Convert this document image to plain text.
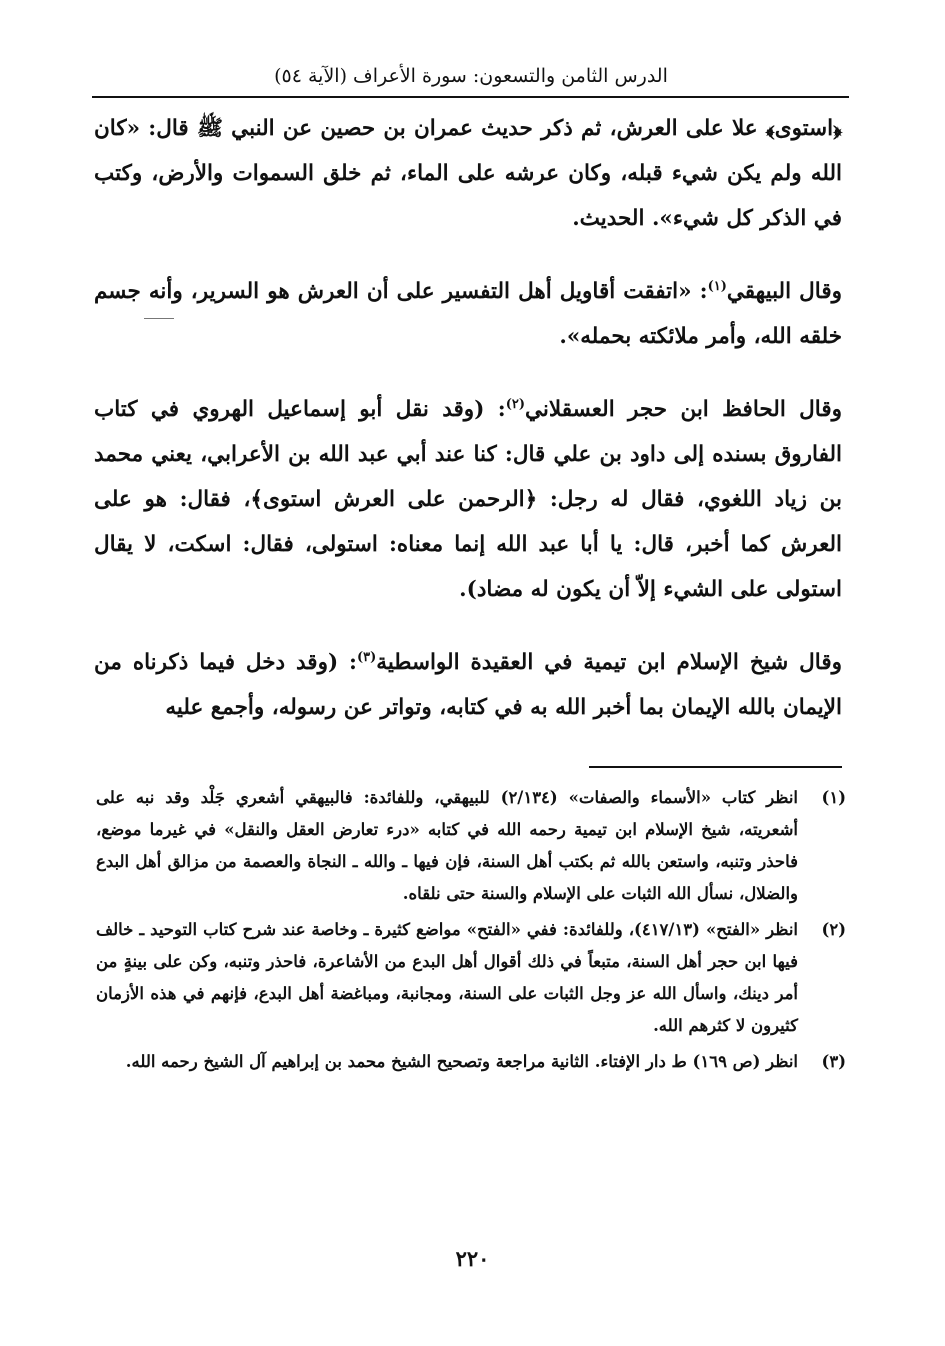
الدرس الثامن والتسعون: سورة الأعراف (الآية ٥٤)

﴿استوى﴾ علا على العرش، ثم ذكر حديث عمران بن حصين عن النبي ﷺ قال: «كان الله ولم يكن شيء قبله، وكان عرشه على الماء، ثم خلق السموات والأرض، وكتب في الذكر كل شيء». الحديث.

وقال البيهقي$^{(١)}$: «اتفقت أقاويل أهل التفسير على أن العرش هو السرير، وأنه جسم خلقه الله، وأمر ملائكته بحمله».

وقال الحافظ ابن حجر العسقلاني$^{(٢)}$: (وقد نقل أبو إسماعيل الهروي في كتاب الفاروق بسنده إلى داود بن علي قال: كنا عند أبي عبد الله بن الأعرابي، يعني محمد بن زياد اللغوي، فقال له رجل: ﴿الرحمن على العرش استوى﴾، فقال: هو على العرش كما أخبر، قال: يا أبا عبد الله إنما معناه: استولى، فقال: اسكت، لا يقال استولى على الشيء إلاّ أن يكون له مضاد).

وقال شيخ الإسلام ابن تيمية في العقيدة الواسطية$^{(٣)}$: (وقد دخل فيما ذكرناه من الإيمان بالله الإيمان بما أخبر الله به في كتابه، وتواتر عن رسوله، وأجمع عليه

(١)
انظر كتاب «الأسماء والصفات» (٢/١٣٤) للبيهقي، وللفائدة: فالبيهقي أشعري جَلْد وقد نبه على أشعريته، شيخ الإسلام ابن تيمية رحمه الله في كتابه «درء تعارض العقل والنقل» في غيرما موضع، فاحذر وتنبه، واستعن بالله ثم بكتب أهل السنة، فإن فيها ـ والله ـ النجاة والعصمة من مزالق أهل البدع والضلال، نسأل الله الثبات على الإسلام والسنة حتى نلقاه.
(٢)
انظر «الفتح» (٤١٧/١٣)، وللفائدة: ففي «الفتح» مواضع كثيرة ـ وخاصة عند شرح كتاب التوحيد ـ خالف فيها ابن حجر أهل السنة، متبعاً في ذلك أقوال أهل البدع من الأشاعرة، فاحذر وتنبه، وكن على بينةٍ من أمر دينك، واسأل الله عز وجل الثبات على السنة، ومجانبة، ومباغضة أهل البدع، فإنهم في هذه الأزمان كثيرون لا كثرهم الله.
(٣)
انظر (ص ١٦٩) ط دار الإفتاء. الثانية مراجعة وتصحيح الشيخ محمد بن إبراهيم آل الشيخ رحمه الله.
٢٢٠
